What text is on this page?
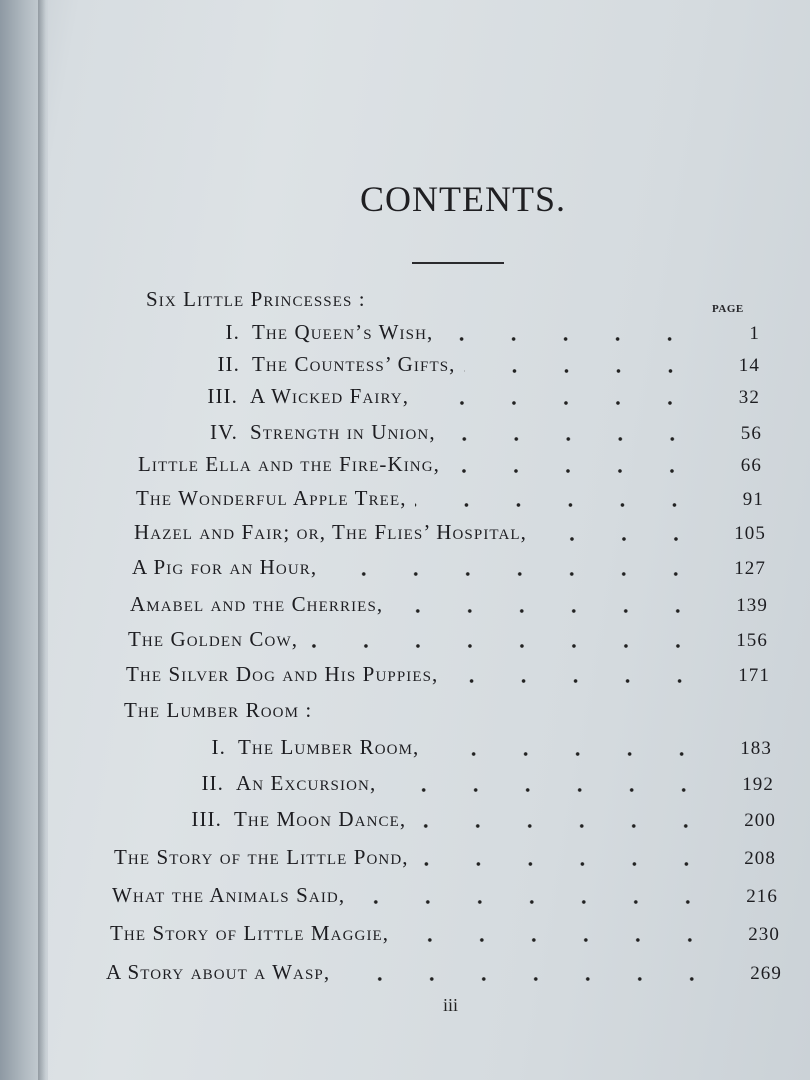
CONTENTS.
PAGE
Six Little Princesses :
I. The Queen’s Wish,	1
II. The Countess’ Gifts,	14
III. A Wicked Fairy,	32
IV. Strength in Union,	56
Little Ella and the Fire-King,	66
The Wonderful Apple Tree,	91
Hazel and Fair; or, The Flies’ Hospital,	105
A Pig for an Hour,	127
Amabel and the Cherries,	139
The Golden Cow,	156
The Silver Dog and His Puppies,	171
The Lumber Room :
I. The Lumber Room,	183
II. An Excursion,	192
III. The Moon Dance,	200
The Story of the Little Pond,	208
What the Animals Said,	216
The Story of Little Maggie,	230
A Story about a Wasp,	269
iii
